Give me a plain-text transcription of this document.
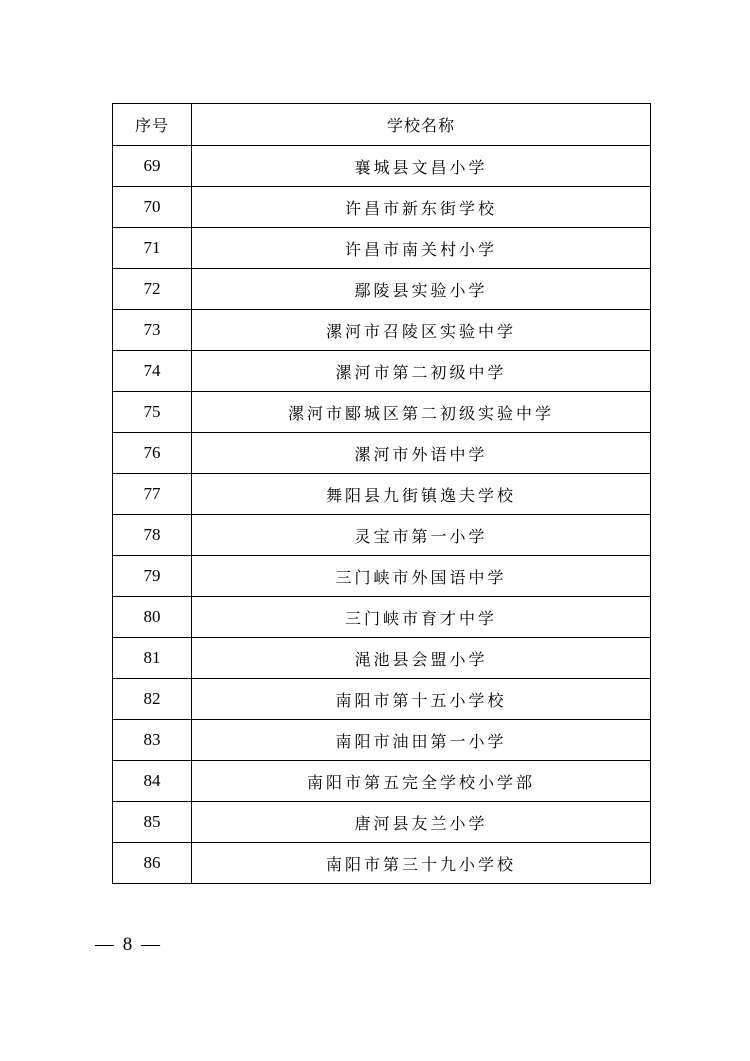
序号	学校名称
69	襄城县文昌小学
70	许昌市新东街学校
71	许昌市南关村小学
72	鄢陵县实验小学
73	漯河市召陵区实验中学
74	漯河市第二初级中学
75	漯河市郾城区第二初级实验中学
76	漯河市外语中学
77	舞阳县九街镇逸夫学校
78	灵宝市第一小学
79	三门峡市外国语中学
80	三门峡市育才中学
81	渑池县会盟小学
82	南阳市第十五小学校
83	南阳市油田第一小学
84	南阳市第五完全学校小学部
85	唐河县友兰小学
86	南阳市第三十九小学校
— 8 —
